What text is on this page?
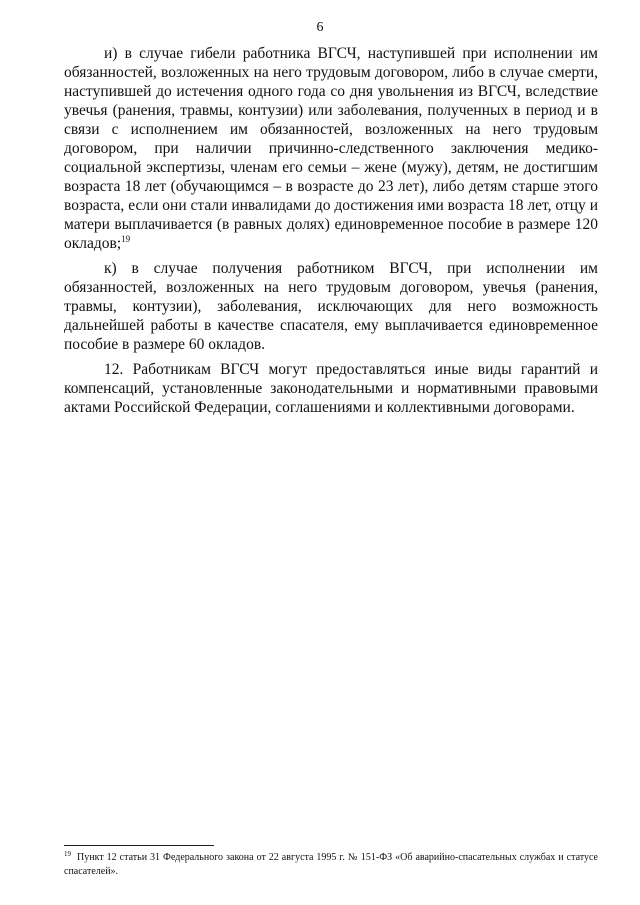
6

и) в случае гибели работника ВГСЧ, наступившей при исполнении им обязанностей, возложенных на него трудовым договором, либо в случае смерти, наступившей до истечения одного года со дня увольнения из ВГСЧ, вследствие увечья (ранения, травмы, контузии) или заболевания, полученных в период и в связи с исполнением им обязанностей, возложенных на него трудовым договором, при наличии причинно-следственного заключения медико-социальной экспертизы, членам его семьи – жене (мужу), детям, не достигшим возраста 18 лет (обучающимся – в возрасте до 23 лет), либо детям старше этого возраста, если они стали инвалидами до достижения ими возраста 18 лет, отцу и матери выплачивается (в равных долях) единовременное пособие в размере 120 окладов;$^{19}$

к) в случае получения работником ВГСЧ, при исполнении им обязанностей, возложенных на него трудовым договором, увечья (ранения, травмы, контузии), заболевания, исключающих для него возможность дальнейшей работы в качестве спасателя, ему выплачивается единовременное пособие в размере 60 окладов.

12. Работникам ВГСЧ могут предоставляться иные виды гарантий и компенсаций, установленные законодательными и нормативными правовыми актами Российской Федерации, соглашениями и коллективными договорами.

$^{19}$ Пункт 12 статьи 31 Федерального закона от 22 августа 1995 г. № 151-ФЗ «Об аварийно-спасательных службах и статусе спасателей».
